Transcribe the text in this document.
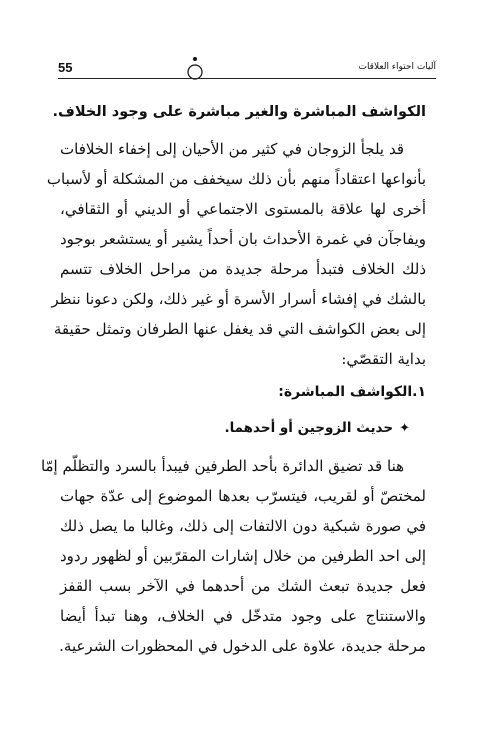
55	آليات احتواء العلاقات
الكواشف المباشرة والغير مباشرة على وجود الخلاف.
قد يلجأ الزوجان في كثير من الأحيان إلى إخفاء الخلافات
بأنواعها اعتقاداً منهم بأن ذلك سيخفف من المشكلة أو لأسباب
أخرى لها علاقة بالمستوى الاجتماعي أو الديني أو الثقافي،
ويفاجآن في غمرة الأحداث بان أحداً يشير أو يستشعر بوجود
ذلك الخلاف فتبدأ مرحلة جديدة من مراحل الخلاف تتسم
بالشك في إفشاء أسرار الأسرة أو غير ذلك، ولكن دعونا ننظر
إلى بعض الكواشف التي قد يغفل عنها الطرفان وتمثل حقيقة
بداية التقصّي:
١.الكواشف المباشرة:
✦حديث الزوجين أو أحدهما.
هنا قد تضيق الدائرة بأحد الطرفين فيبدأ بالسرد والتظلّم إمّا
لمختصّ أو لقريب، فيتسرّب بعدها الموضوع إلى عدّة جهات
في صورة شبكية دون الالتفات إلى ذلك، وغالبا ما يصل ذلك
إلى احد الطرفين من خلال إشارات المقرّبين أو لظهور ردود
فعل جديدة تبعث الشك من أحدهما في الآخر بسب القفز
والاستنتاج على وجود متدخّل في الخلاف، وهنا تبدأ أيضا
مرحلة جديدة، علاوة على الدخول في المحظورات الشرعية.
